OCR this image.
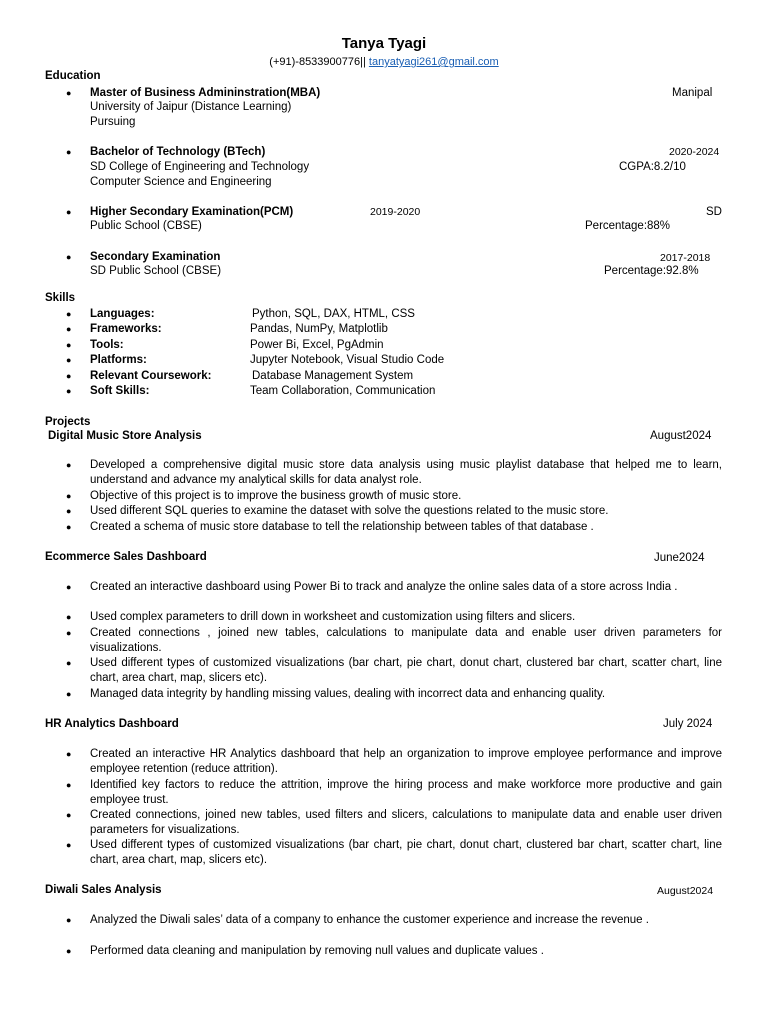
Tanya Tyagi
(+91)-8533900776|| tanyatyagi261@gmail.com
Education
● Master of Business Admininstration(MBA)	Manipal
University of Jaipur (Distance Learning)
Pursuing
● Bachelor of Technology (BTech)	2020-2024
SD College of Engineering and Technology	CGPA:8.2/10
Computer Science and Engineering
● Higher Secondary Examination(PCM)	2019-2020	SD
Public School (CBSE)	Percentage:88%
● Secondary Examination	2017-2018
SD Public School (CBSE)	Percentage:92.8%
Skills
● Languages:	Python, SQL, DAX, HTML, CSS
● Frameworks:	Pandas, NumPy, Matplotlib
● Tools:	Power Bi, Excel, PgAdmin
● Platforms:	Jupyter Notebook, Visual Studio Code
● Relevant Coursework:	Database Management System
● Soft Skills:	Team Collaboration, Communication
Projects
Digital Music Store Analysis	August2024
● Developed a comprehensive digital music store data analysis using music playlist database that helped me to learn, understand and advance my analytical skills for data analyst role.
● Objective of this project is to improve the business growth of music store.
● Used different SQL queries to examine the dataset with solve the questions related to the music store.
● Created a schema of music store database to tell the relationship between tables of that database .
Ecommerce Sales Dashboard	June2024
● Created an interactive dashboard using Power Bi to track and analyze the online sales data of a store across India .
● Used complex parameters to drill down in worksheet and customization using filters and slicers.
● Created connections , joined new tables, calculations to manipulate data and enable user driven parameters for visualizations.
● Used different types of customized visualizations (bar chart, pie chart, donut chart, clustered bar chart, scatter chart, line chart, area chart, map, slicers etc).
● Managed data integrity by handling missing values, dealing with incorrect data and enhancing quality.
HR Analytics Dashboard	July 2024
● Created an interactive HR Analytics dashboard that help an organization to improve employee performance and improve employee retention (reduce attrition).
● Identified key factors to reduce the attrition, improve the hiring process and make workforce more productive and gain employee trust.
● Created connections, joined new tables, used filters and slicers, calculations to manipulate data and enable user driven parameters for visualizations.
● Used different types of customized visualizations (bar chart, pie chart, donut chart, clustered bar chart, scatter chart, line chart, area chart, map, slicers etc).
Diwali Sales Analysis	August2024
● Analyzed the Diwali sales’ data of a company to enhance the customer experience and increase the revenue .
● Performed data cleaning and manipulation by removing null values and duplicate values .
